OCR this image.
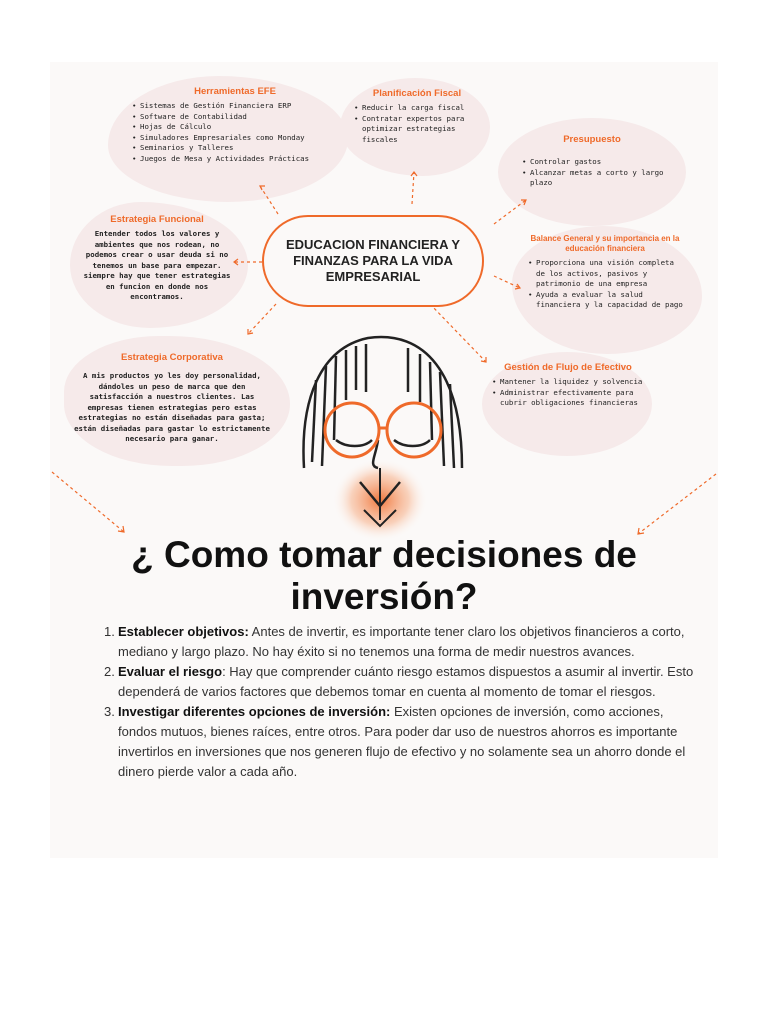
EDUCACION FINANCIERA Y FINANZAS PARA LA VIDA EMPRESARIAL
Herramientas EFE
• Sistemas de Gestión Financiera ERP
• Software de Contabilidad
• Hojas de Cálculo
• Simuladores Empresariales como Monday
• Seminarios y Talleres
• Juegos de Mesa y Actividades Prácticas
Planificación Fiscal
• Reducir la carga fiscal
• Contratar expertos para optimizar estrategias fiscales	Presupuesto
• Controlar gastos
• Alcanzar metas a corto y largo plazo
Estrategia Funcional

Entender todos los valores y ambientes que nos rodean, no podemos crear o usar deuda si no tenemos un base para empezar. siempre hay que tener estrategias en funcion en donde nos encontramos.

Balance General y su importancia en la educación financiera
• Proporciona una visión completa de los activos, pasivos y patrimonio de una empresa
• Ayuda a evaluar la salud financiera y la capacidad de pago
Estrategia Corporativa

A mis productos yo les doy personalidad, dándoles un peso de marca que den satisfacción a nuestros clientes. Las empresas tienen estrategias pero estas estrategias no están diseñadas para gasta; están diseñadas para gastar lo estrictamente necesario para ganar.

Gestión de Flujo de Efectivo
• Mantener la liquidez y solvencia
• Administrar efectivamente para cubrir obligaciones financieras
¿ Como tomar decisiones de inversión?
1. Establecer objetivos: Antes de invertir, es importante tener claro los objetivos financieros a corto, mediano y largo plazo. No hay éxito si no tenemos una forma de medir nuestros avances.
2. Evaluar el riesgo: Hay que comprender cuánto riesgo estamos dispuestos a asumir al invertir. Esto dependerá de varios factores que debemos tomar en cuenta al momento de tomar el riesgos.
3. Investigar diferentes opciones de inversión: Existen opciones de inversión, como acciones, fondos mutuos, bienes raíces, entre otros. Para poder dar uso de nuestros ahorros es importante invertirlos en inversiones que nos generen flujo de efectivo y no solamente sea un ahorro donde el dinero pierde valor a cada año.
